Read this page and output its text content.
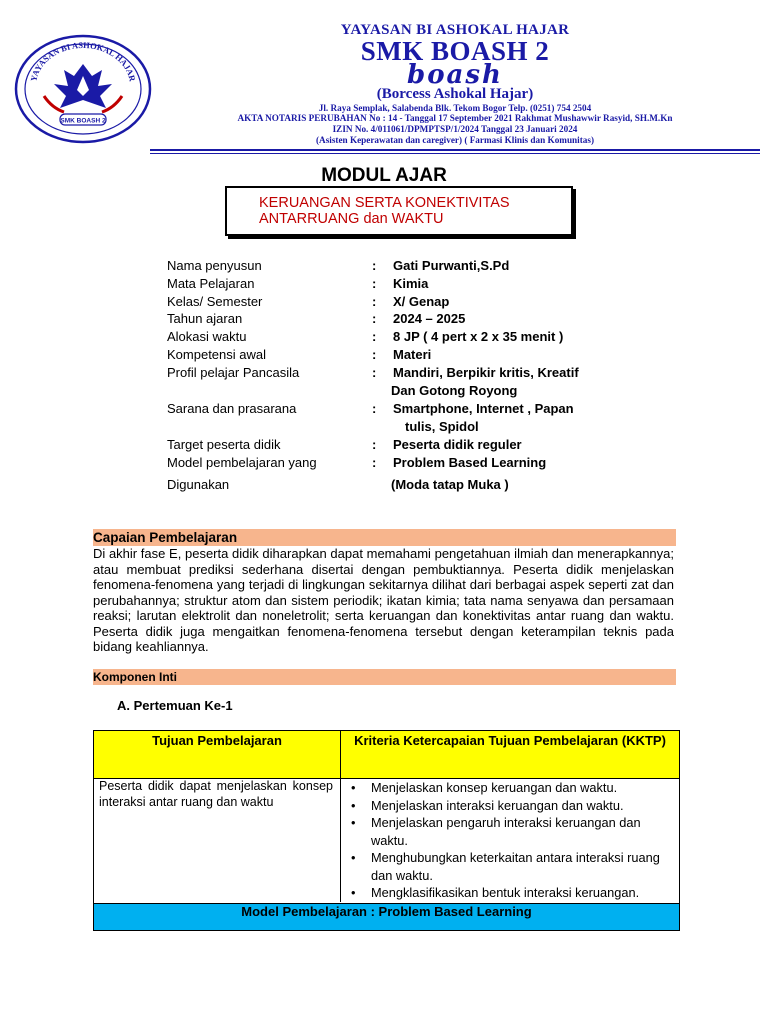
YAYASAN BI ASHOKAL HAJAR
SMK BOASH 2
YAYASAN BI ASHOKAL HAJAR
SMK BOASH 2
boash
(Borcess Ashokal Hajar)
Jl. Raya Semplak, Salabenda Blk. Tekom Bogor Telp. (0251) 754 2504
AKTA NOTARIS PERUBAHAN No : 14 - Tanggal 17 September 2021 Rakhmat Mushawwir Rasyid, SH.M.Kn
IZIN No. 4/011061/DPMPTSP/1/2024 Tanggal 23 Januari 2024
(Asisten Keperawatan dan caregiver) ( Farmasi Klinis dan Komunitas)
MODUL AJAR
KERUANGAN SERTA KONEKTIVITAS
ANTARRUANG dan WAKTU
Nama penyusun	: Gati Purwanti,S.Pd
Mata Pelajaran	: Kimia
Kelas/ Semester	: X/ Genap
Tahun ajaran	: 2024 – 2025
Alokasi waktu	: 8 JP ( 4 pert x 2 x 35 menit )
Kompetensi awal	: Materi
Profil pelajar Pancasila	: Mandiri, Berpikir kritis, Kreatif
Dan Gotong Royong
Sarana dan prasarana	: Smartphone, Internet , Papan
tulis, Spidol
Target peserta didik	: Peserta didik reguler
Model pembelajaran yang	: Problem Based Learning
Digunakan	(Moda tatap Muka )
Capaian Pembelajaran
Di akhir fase E, peserta didik diharapkan dapat memahami pengetahuan ilmiah dan menerapkannya; atau membuat prediksi sederhana disertai dengan pembuktiannya. Peserta didik menjelaskan fenomena-fenomena yang terjadi di lingkungan sekitarnya dilihat dari berbagai aspek seperti zat dan perubahannya; struktur atom dan sistem periodik; ikatan kimia; tata nama senyawa dan persamaan reaksi; larutan elektrolit dan noneletrolit; serta keruangan dan konektivitas antar ruang dan waktu. Peserta didik juga mengaitkan fenomena-fenomena tersebut dengan keterampilan teknis pada bidang keahliannya.
Komponen Inti
A. Pertemuan Ke-1
Tujuan Pembelajaran	Kriteria Ketercapaian Tujuan Pembelajaran (KKTP)
Peserta didik dapat menjelaskan konsep interaksi antar ruang dan waktu
• Menjelaskan konsep keruangan dan waktu.
• Menjelaskan interaksi keruangan dan waktu.
• Menjelaskan pengaruh interaksi keruangan dan waktu.
• Menghubungkan keterkaitan antara interaksi ruang dan waktu.
• Mengklasifikasikan bentuk interaksi keruangan.
Model Pembelajaran : Problem Based Learning
